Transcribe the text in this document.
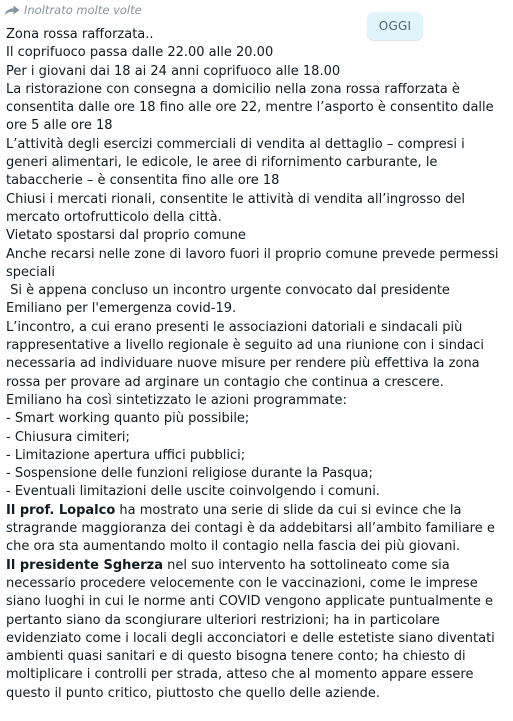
Inoltrato molte volte
OGGI

Zona rossa rafforzata..

Il coprifuoco passa dalle 22.00 alle 20.00

Per i giovani dai 18 ai 24 anni coprifuoco alle 18.00

La ristorazione con consegna a domicilio nella zona rossa rafforzata è consentita dalle ore 18 fino alle ore 22, mentre l’asporto è consentito dalle ore 5 alle ore 18

L’attività degli esercizi commerciali di vendita al dettaglio – compresi i generi alimentari, le edicole, le aree di rifornimento carburante, le tabaccherie – è consentita fino alle ore 18

Chiusi i mercati rionali, consentite le attività di vendita all’ingrosso del mercato ortofrutticolo della città.

Vietato spostarsi dal proprio comune

Anche recarsi nelle zone di lavoro fuori il proprio comune prevede permessi speciali

Si è appena concluso un incontro urgente convocato dal presidente Emiliano per l'emergenza covid-19.

L’incontro, a cui erano presenti le associazioni datoriali e sindacali più rappresentative a livello regionale è seguito ad una riunione con i sindaci necessaria ad individuare nuove misure per rendere più effettiva la zona rossa per provare ad arginare un contagio che continua a crescere.

Emiliano ha così sintetizzato le azioni programmate:

- Smart working quanto più possibile;

- Chiusura cimiteri;

- Limitazione apertura uffici pubblici;

- Sospensione delle funzioni religiose durante la Pasqua;

- Eventuali limitazioni delle uscite coinvolgendo i comuni.

Il prof. Lopalco ha mostrato una serie di slide da cui si evince che la stragrande maggioranza dei contagi è da addebitarsi all’ambito familiare e che ora sta aumentando molto il contagio nella fascia dei più giovani.

Il presidente Sgherza nel suo intervento ha sottolineato come sia necessario procedere velocemente con le vaccinazioni, come le imprese siano luoghi in cui le norme anti COVID vengono applicate puntualmente e pertanto siano da scongiurare ulteriori restrizioni; ha in particolare evidenziato come i locali degli acconciatori e delle estetiste siano diventati ambienti quasi sanitari e di questo bisogna tenere conto; ha chiesto di moltiplicare i controlli per strada, atteso che al momento appare essere questo il punto critico, piuttosto che quello delle aziende.
